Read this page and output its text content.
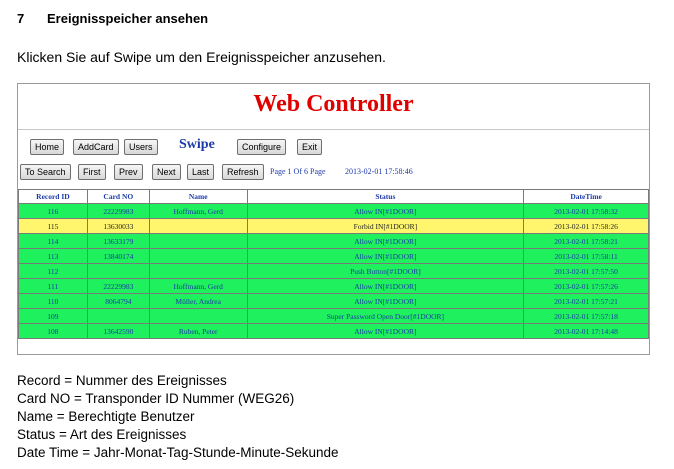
7 Ereignisspeicher ansehen
Klicken Sie auf Swipe um den Ereignisspeicher anzusehen.
Web Controller
Home	AddCard	Users	Swipe	Configure	Exit
To Search	First	Prev	Next	Last	Refresh	Page 1 Of 6 Page 2013-02-01 17:58:46
Record ID	Card NO	Name	Status	DateTime
116	22229983	Hoffmann, Gerd	Allow IN[#1DOOR]	2013-02-01 17:58:32
115	13630033		Forbid IN[#1DOOR]	2013-02-01 17:58:26
114	13633179		Allow IN[#1DOOR]	2013-02-01 17:58:21
113	13840174		Allow IN[#1DOOR]	2013-02-01 17:58:11
112			Push Button[#1DOOR]	2013-02-01 17:57:50
111	22229983	Hoffmann, Gerd	Allow IN[#1DOOR]	2013-02-01 17:57:26
110	8064794	Müller, Andrea	Allow IN[#1DOOR]	2013-02-01 17:57:21
109			Super Password Open Door[#1DOOR]	2013-02-01 17:57:18
108	13642590	Ruben, Peter	Allow IN[#1DOOR]	2013-02-01 17:14:48
Record = Nummer des Ereignisses
Card NO = Transponder ID Nummer (WEG26)
Name = Berechtigte Benutzer
Status = Art des Ereignisses
Date Time = Jahr-Monat-Tag-Stunde-Minute-Sekunde
